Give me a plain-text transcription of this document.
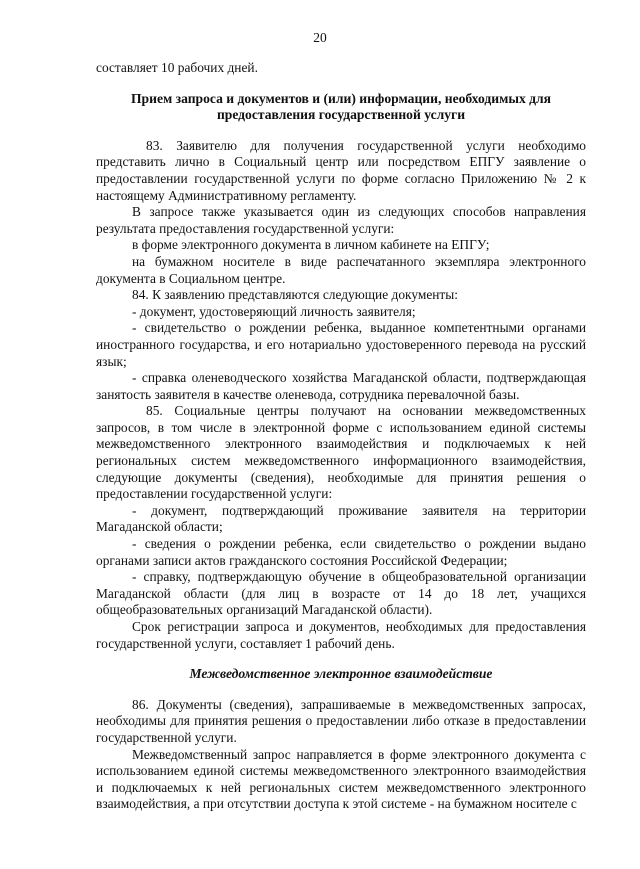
20

составляет 10 рабочих дней.

Прием запроса и документов и (или) информации, необходимых для предоставления государственной услуги

83. Заявителю для получения государственной услуги необходимо представить лично в Социальный центр или посредством ЕПГУ заявление о предоставлении государственной услуги по форме согласно Приложению № 2 к настоящему Административному регламенту.

В запросе также указывается один из следующих способов направления результата предоставления государственной услуги:

в форме электронного документа в личном кабинете на ЕПГУ;

на бумажном носителе в виде распечатанного экземпляра электронного документа в Социальном центре.

84. К заявлению представляются следующие документы:

- документ, удостоверяющий личность заявителя;

- свидетельство о рождении ребенка, выданное компетентными органами иностранного государства, и его нотариально удостоверенного перевода на русский язык;

- справка оленеводческого хозяйства Магаданской области, подтверждающая занятость заявителя в качестве оленевода, сотрудника перевалочной базы.

85. Социальные центры получают на основании межведомственных запросов, в том числе в электронной форме с использованием единой системы межведомственного электронного взаимодействия и подключаемых к ней региональных систем межведомственного информационного взаимодействия, следующие документы (сведения), необходимые для принятия решения о предоставлении государственной услуги:

- документ, подтверждающий проживание заявителя на территории Магаданской области;

- сведения о рождении ребенка, если свидетельство о рождении выдано органами записи актов гражданского состояния Российской Федерации;

- справку, подтверждающую обучение в общеобразовательной организации Магаданской области (для лиц в возрасте от 14 до 18 лет, учащихся общеобразовательных организаций Магаданской области).

Срок регистрации запроса и документов, необходимых для предоставления государственной услуги, составляет 1 рабочий день.

Межведомственное электронное взаимодействие

86. Документы (сведения), запрашиваемые в межведомственных запросах, необходимы для принятия решения о предоставлении либо отказе в предоставлении государственной услуги.

Межведомственный запрос направляется в форме электронного документа с использованием единой системы межведомственного электронного взаимодействия и подключаемых к ней региональных систем межведомственного электронного взаимодействия, а при отсутствии доступа к этой системе - на бумажном носителе с
